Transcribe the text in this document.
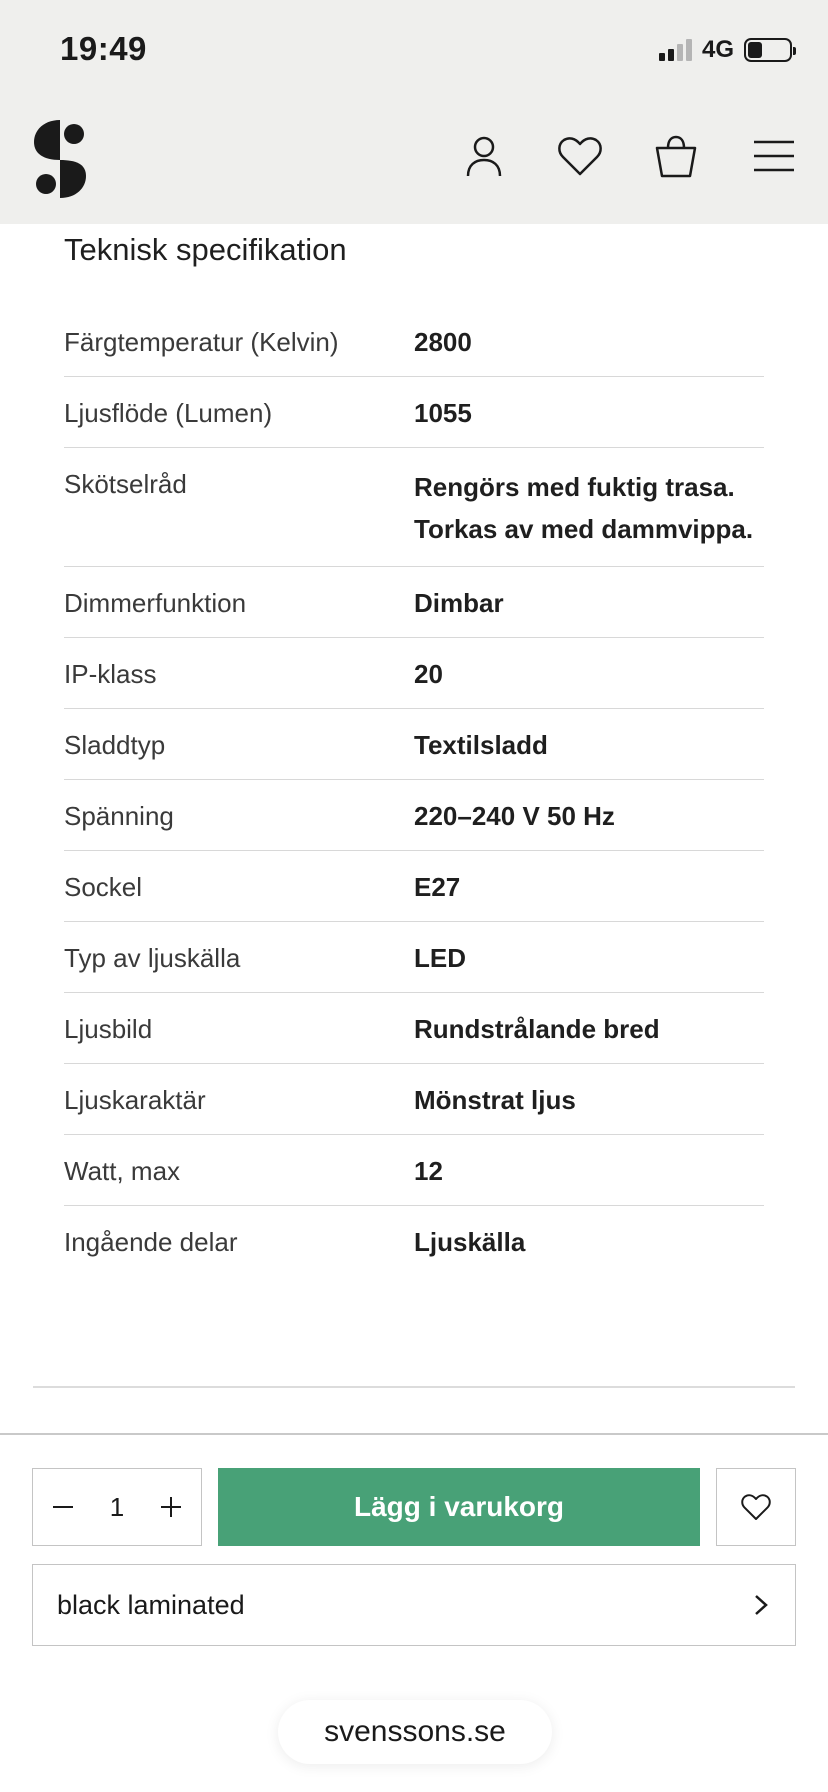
19:49	4G
Teknisk specifikation
Färgtemperatur (Kelvin)	2800
Ljusflöde (Lumen)	1055
Skötselråd	Rengörs med fuktig trasa. Torkas av med dammvippa.
Dimmerfunktion	Dimbar
IP-klass	20
Sladdtyp	Textilsladd
Spänning	220–240 V 50 Hz
Sockel	E27
Typ av ljuskälla	LED
Ljusbild	Rundstrålande bred
Ljuskaraktär	Mönstrat ljus
Watt, max	12
Ingående delar	Ljuskälla
1	Lägg i varukorg
black laminated
svenssons.se
